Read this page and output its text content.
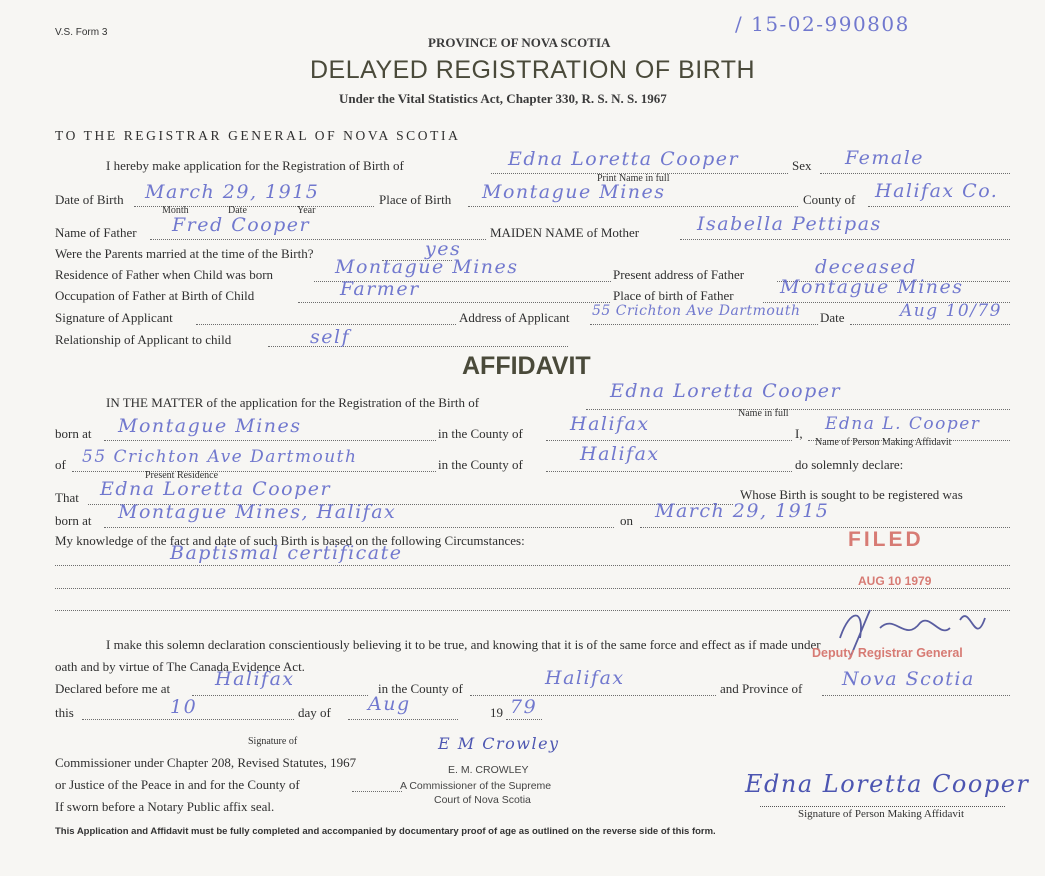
V.S. Form 3	/ 15-02-990808
PROVINCE OF NOVA SCOTIA
DELAYED REGISTRATION OF BIRTH
Under the Vital Statistics Act, Chapter 330, R. S. N. S. 1967
TO THE REGISTRAR GENERAL OF NOVA SCOTIA
I hereby make application for the Registration of Birth of	Edna Loretta Cooper
Print Name in full
Sex Female
Date of Birth March 29, 1915
Month	Date	Year
Place of Birth Montague Mines	County of Halifax Co.
Name of Father Fred Cooper	MAIDEN NAME of Mother	Isabella Pettipas
Were the Parents married at the time of the Birth?	yes
Residence of Father when Child was born	Montague Mines	Present address of Father	deceased
Occupation of Father at Birth of Child	Farmer	Place of birth of Father Montague Mines
Signature of Applicant	Address of Applicant 55 Crichton Ave Dartmouth Date	Aug 10/79
Relationship of Applicant to child	self
AFFIDAVIT
IN THE MATTER of the application for the Registration of the Birth of
Edna Loretta Cooper
Name in full
born at Montague Mines	in the County of Halifax	I, Edna L. Cooper
Name of Person Making Affidavit
of 55 Crichton Ave Dartmouth
Present Residence
in the County of	Halifax	do solemnly declare:
That Edna Loretta Cooper	Whose Birth is sought to be registered was
born at Montague Mines, Halifax	on March 29, 1915
My knowledge of the fact and date of such Birth is based on the following Circumstances:
Baptismal certificate
FILED
AUG 10 1979
I make this solemn declaration conscientiously believing it to be true, and knowing that it is of the same force and effect as if made under
oath and by virtue of The Canada Evidence Act.
Deputy Registrar General
Declared before me at Halifax	in the County of	Halifax	and Province of Nova Scotia
this	10	day of Aug	19 79
Signature of
Commissioner under Chapter 208, Revised Statutes, 1967
or Justice of the Peace in and for the County of
If sworn before a Notary Public affix seal.
E M Crowley
E. M. CROWLEY
A Commissioner of the Supreme
Court of Nova Scotia
Edna Loretta Cooper
Signature of Person Making Affidavit
This Application and Affidavit must be fully completed and accompanied by documentary proof of age as outlined on the reverse side of this form.
